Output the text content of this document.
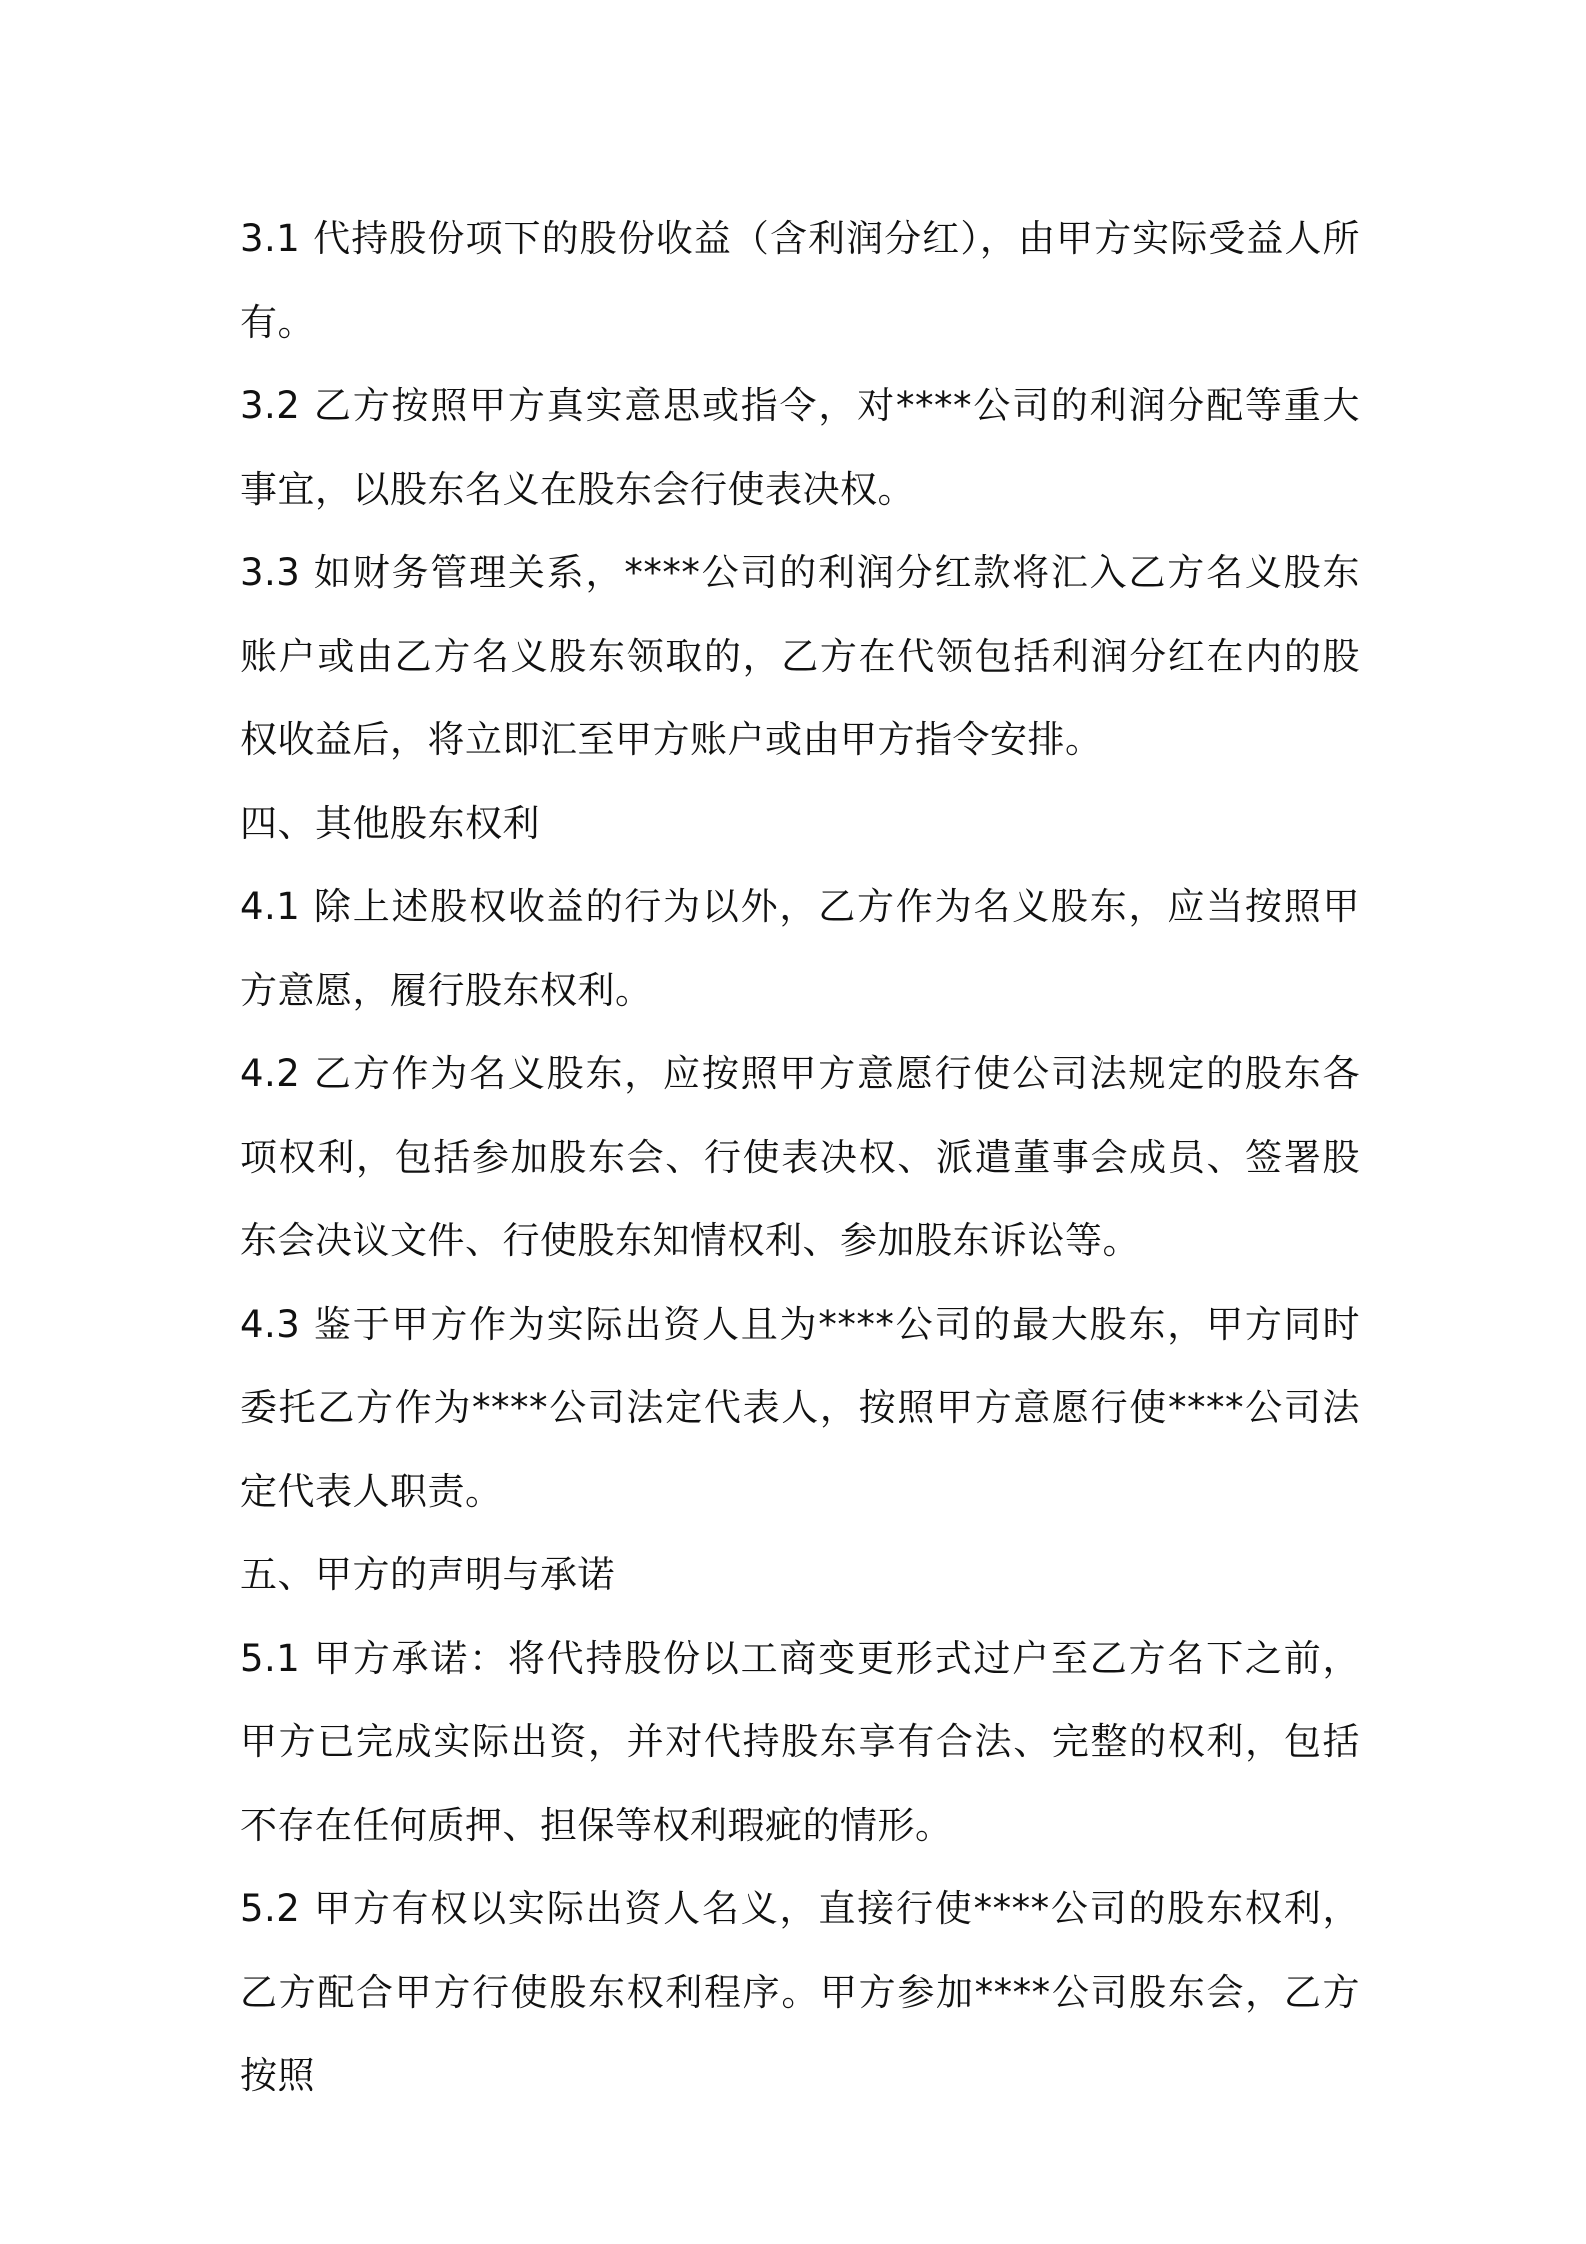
3.1 代持股份项下的股份收益（含利润分红），由甲方实际受益人所有。

3.2 乙方按照甲方真实意思或指令，对****公司的利润分配等重大事宜，以股东名义在股东会行使表决权。

3.3 如财务管理关系，****公司的利润分红款将汇入乙方名义股东账户或由乙方名义股东领取的，乙方在代领包括利润分红在内的股权收益后，将立即汇至甲方账户或由甲方指令安排。

四、其他股东权利

4.1 除上述股权收益的行为以外，乙方作为名义股东，应当按照甲方意愿，履行股东权利。

4.2 乙方作为名义股东，应按照甲方意愿行使公司法规定的股东各项权利，包括参加股东会、行使表决权、派遣董事会成员、签署股东会决议文件、行使股东知情权利、参加股东诉讼等。

4.3 鉴于甲方作为实际出资人且为****公司的最大股东，甲方同时委托乙方作为****公司法定代表人，按照甲方意愿行使****公司法定代表人职责。

五、甲方的声明与承诺

5.1 甲方承诺：将代持股份以工商变更形式过户至乙方名下之前，甲方已完成实际出资，并对代持股东享有合法、完整的权利，包括不存在任何质押、担保等权利瑕疵的情形。

5.2 甲方有权以实际出资人名义，直接行使****公司的股东权利，乙方配合甲方行使股东权利程序。甲方参加****公司股东会，乙方按照
